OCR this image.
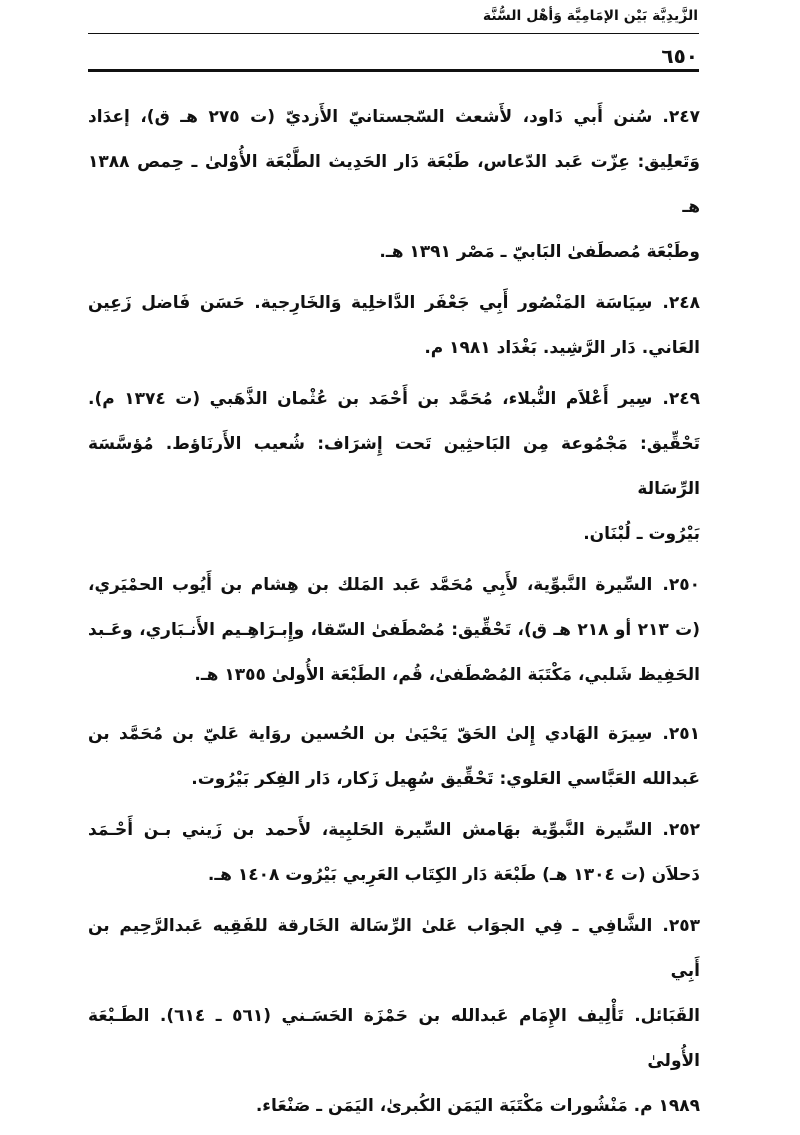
الزَّيدِيَّة بَيْن الإمَامِيَّة وَأهْل السُّنَّة
٦٥٠
٢٤٧.سُنن أَبي دَاود، لأَشعث السّجستانيّ الأَزديّ (ت ٢٧٥ هـ ق)، إعدَاد
وَتَعلِيق: عِزّت عَبد الدّعاس، طَبْعَة دَار الحَدِيث الطَّبْعَة الأُوْلىٰ ـ حِمص ١٣٨٨ هـ
وطَبْعَة مُصطَفىٰ البَابيّ ـ مَصْر ١٣٩١ هـ.
٢٤٨.سِيَاسَة المَنْصُور أَبِي جَعْفَر الدَّاخلِية وَالخَارِجية. حَسَن فَاضل زَعِين
العَاني. دَار الرَّشِيد. بَغْدَاد ١٩٨١ م.
٢٤٩.سِير أَعْلاَم النُّبلاء، مُحَمَّد بن أَحْمَد بن عُثْمان الذَّهَبي (ت ١٣٧٤ م).
تَحْقِّيق: مَجْمُوعة مِن البَاحثِين تَحت إِشرَاف: شُعيب الأَرنَاؤط. مُؤسَّسَة الرِّسَالة
بَيْرُوت ـ لُبْنَان.
٢٥٠.السِّيرة النَّبوِّية، لأَبِي مُحَمَّد عَبد المَلك بن هِشام بن أَيُوب الحمْيَري،
(ت ٢١٣ أو ٢١٨ هـ ق)، تَحْقِّيق: مُصْطَفىٰ السّقا، وإِبـرَاهِـيم الأَنـبَاري، وعَـبد
الحَفِيظ شَلبي، مَكْتَبَة المُصْطَفىٰ، قُم، الطَبْعَة الأُولىٰ ١٣٥٥ هـ.
٢٥١.سِيرَة الهَادي إِلىٰ الحَقّ يَحْيَىٰ بن الحُسين روَاية عَليّ بن مُحَمَّد بن
عَبدالله العَبَّاسي العَلوي: تَحْقِّيق سُهِيل زَكار، دَار الفِكر بَيْرُوت.
٢٥٢.السِّيرة النَّبوِّية بهَامش السِّيرة الحَلبِية، لأَحمد بن زَيني بـن أَحْـمَد
دَحلاَن (ت ١٣٠٤ هـ) طَبْعَة دَار الكِتَاب العَرِبي بَيْرُوت ١٤٠٨ هـ.
٢٥٣.الشَّافِي ـ فِي الجوَاب عَلىٰ الرِّسَالة الخَارقة للفَقِيه عَبدالرَّحِيم بن أَبِي
القَبَائل. تَأْلِيف الإِمَام عَبدالله بن حَمْزَة الحَسَـني (٥٦١ ـ ٦١٤). الطَـبْعَة الأُولىٰ
١٩٨٩ م. مَنْشُورات مَكْتَبَة اليَمَن الكُبرىٰ، اليَمَن ـ صَنْعَاء.
